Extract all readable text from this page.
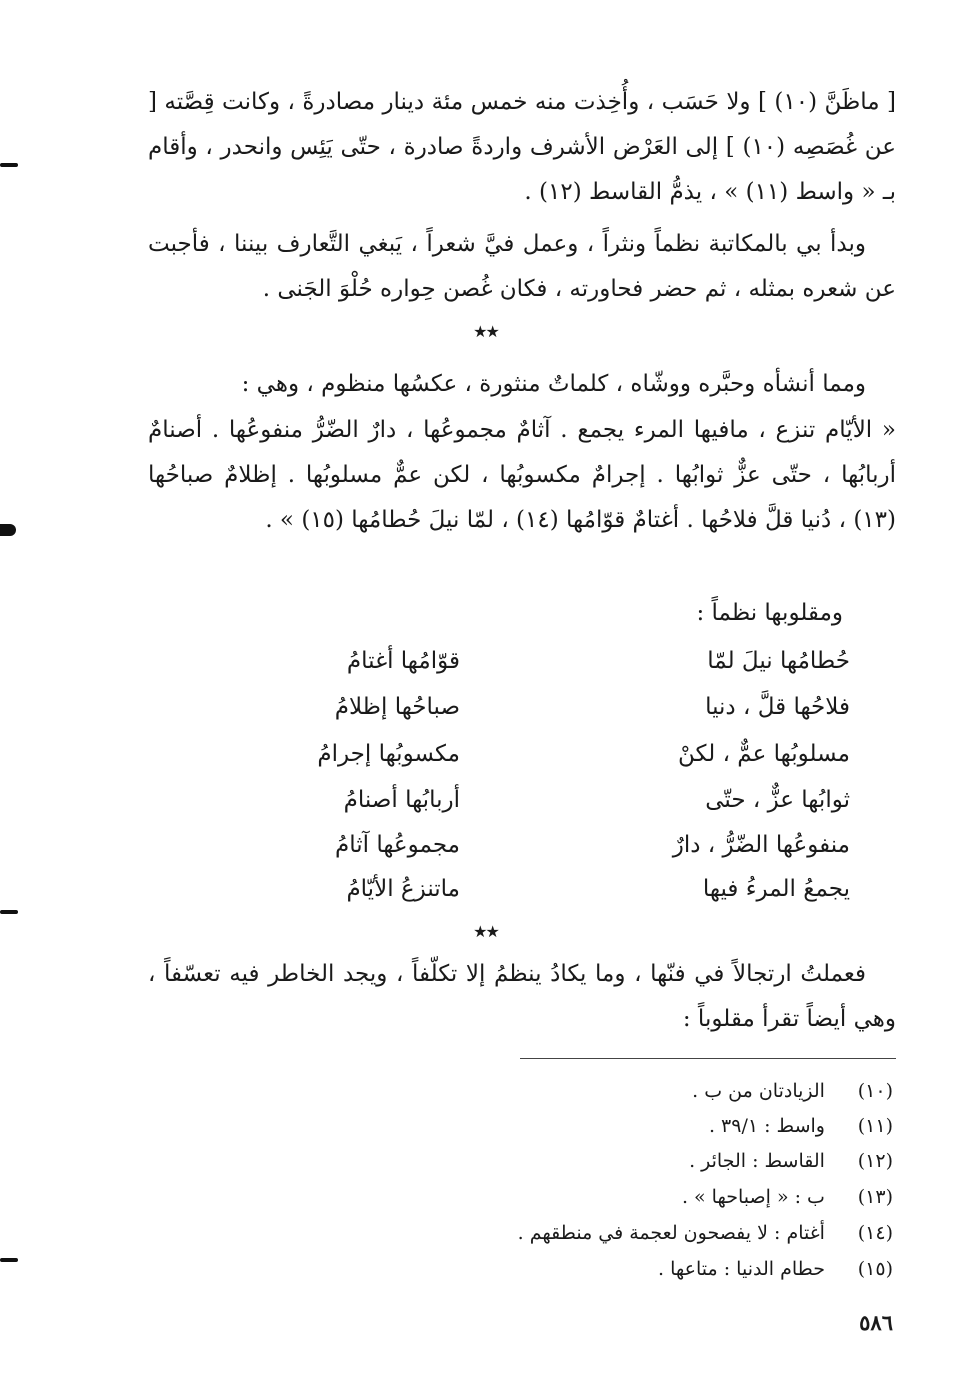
[ ماظَنَّ (١٠) ] ولا حَسَب ، وأُخِذت منه خمس مئة دينار مصادرةً ، وكانت قِصَّته [ عن غُصَصِه (١٠) ] إلى العَرْض الأشرف واردةً صادرة ، حتّى يَئِس وانحدر ، وأقام بـ « واسط (١١) » ، يذمُّ القاسط (١٢) .

وبدأ بي بالمكاتبة نظماً ونثراً ، وعمل فيَّ شعراً ، يَبغي التَّعارف بيننا ، فأجبت عن شعره بمثله ، ثم حضر فحاورته ، فكان غُصن حِواره حُلْوَ الجَنى .

★★

ومما أنشأه وحبَّره ووشّاه ، كلماتٌ منثورة ، عكسُها منظوم ، وهي :

« الأيّام تنزع ، مافيها المرء يجمع . آثامٌ مجموعُها ، دارٌ الضّرُّ منفوعُها . أصنامٌ أربابُها ، حتّى عزٌّ ثوابُها . إجرامٌ مكسوبُها ، لكن عمٌّ مسلوبُها . إظلامٌ صباحُها (١٣) ، دُنيا قلَّ فلاحُها . أغتامٌ قوّامُها (١٤) ، لمّا نيلَ حُطامُها (١٥) » .

ومقلوبها نظماً :
حُطامُها نيلَ لمّا
قوّامُها أغتامُ
فلاحُها قلَّ ، دنيا
صباحُها إظلامُ
مسلوبُها عمٌّ ، لكنْ
مكسوبُها إجرامُ
ثوابُها عزٌّ ، حتّى
أربابُها أصنامُ
منفوعُها الضّرُّ ، دارٌ
مجموعُها آثامُ
يجمعُ المرءُ فيها
ماتنزعُ الأيّامُ
★★

فعملتُ ارتجالاً في فنّها ، وما يكادُ ينظمُ إلا تكلّفاً ، ويجد الخاطر فيه تعسّفاً ، وهي أيضاً تقرأ مقلوباً :

(١٠) الزيادتان من ب .
(١١) واسط : ٣٩/١ .
(١٢) القاسط : الجائر .
(١٣) ب : « إصباحها » .
(١٤) أغتام : لا يفصحون لعجمة في منطقهم .
(١٥) حطام الدنيا : متاعها .
٥٨٦
